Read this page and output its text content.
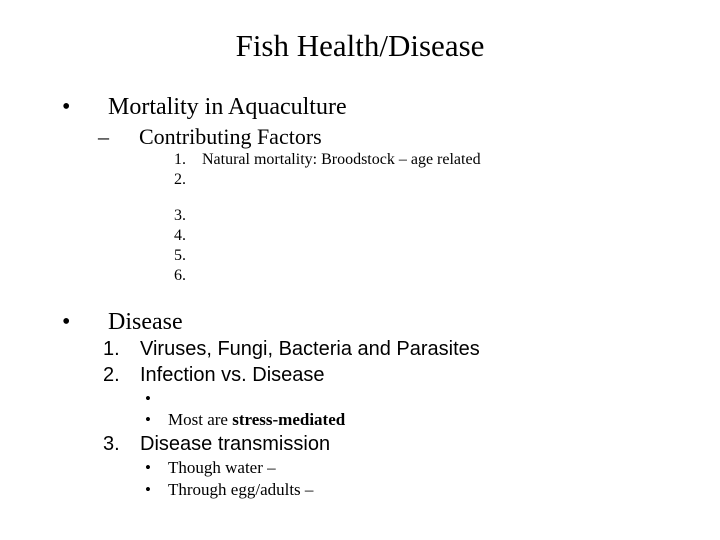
Fish Health/Disease
• Mortality in Aquaculture
– Contributing Factors
1. Natural mortality: Broodstock – age related
2.
3.
4.
5.
6.
• Disease
1. Viruses, Fungi, Bacteria and Parasites
2. Infection vs. Disease
•
• Most are stress-mediated
3. Disease transmission
• Though water –
• Through egg/adults –
